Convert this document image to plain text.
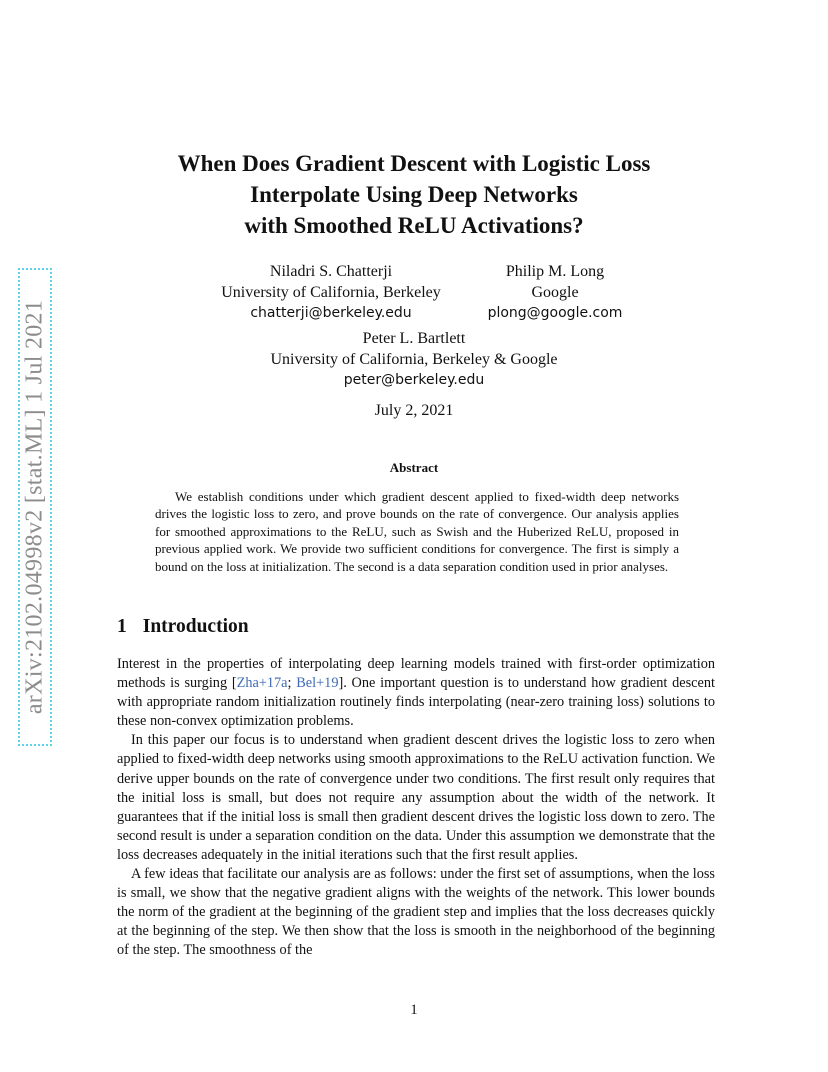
arXiv:2102.04998v2 [stat.ML] 1 Jul 2021
When Does Gradient Descent with Logistic Loss
Interpolate Using Deep Networks
with Smoothed ReLU Activations?
Niladri S. Chatterji
University of California, Berkeley
chatterji@berkeley.edu
Philip M. Long
Google
plong@google.com
Peter L. Bartlett
University of California, Berkeley & Google
peter@berkeley.edu
July 2, 2021
Abstract
We establish conditions under which gradient descent applied to fixed-width deep networks drives the logistic loss to zero, and prove bounds on the rate of convergence. Our analysis applies for smoothed approximations to the ReLU, such as Swish and the Huberized ReLU, proposed in previous applied work. We provide two sufficient conditions for convergence. The first is simply a bound on the loss at initialization. The second is a data separation condition used in prior analyses.
1 Introduction

Interest in the properties of interpolating deep learning models trained with first-order optimization methods is surging [Zha+17a; Bel+19]. One important question is to understand how gradient descent with appropriate random initialization routinely finds interpolating (near-zero training loss) solutions to these non-convex optimization problems.

In this paper our focus is to understand when gradient descent drives the logistic loss to zero when applied to fixed-width deep networks using smooth approximations to the ReLU activation function. We derive upper bounds on the rate of convergence under two conditions. The first result only requires that the initial loss is small, but does not require any assumption about the width of the network. It guarantees that if the initial loss is small then gradient descent drives the logistic loss down to zero. The second result is under a separation condition on the data. Under this assumption we demonstrate that the loss decreases adequately in the initial iterations such that the first result applies.

A few ideas that facilitate our analysis are as follows: under the first set of assumptions, when the loss is small, we show that the negative gradient aligns with the weights of the network. This lower bounds the norm of the gradient at the beginning of the gradient step and implies that the loss decreases quickly at the beginning of the step. We then show that the loss is smooth in the neighborhood of the beginning of the step. The smoothness of the

1
